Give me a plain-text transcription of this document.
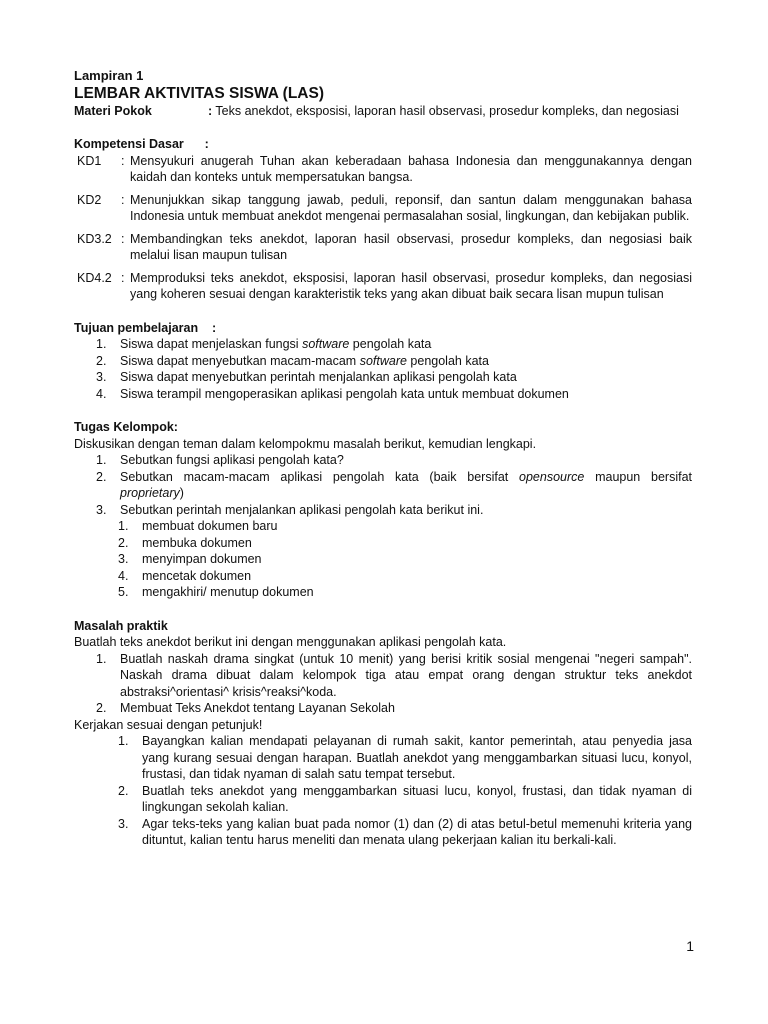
Lampiran 1

LEMBAR AKTIVITAS SISWA (LAS)

Materi Pokok	: Teks anekdot, eksposisi, laporan hasil observasi, prosedur kompleks, dan negosiasi
Kompetensi Dasar      :
KD1	: Mensyukuri anugerah Tuhan akan keberadaan bahasa Indonesia dan menggunakannya dengan kaidah dan konteks untuk mempersatukan bangsa.
KD2	: Menunjukkan sikap tanggung jawab, peduli, reponsif, dan santun dalam menggunakan bahasa Indonesia untuk membuat anekdot mengenai permasalahan sosial, lingkungan, dan kebijakan publik.
KD3.2 : Membandingkan teks anekdot, laporan hasil observasi, prosedur kompleks, dan negosiasi baik melalui lisan maupun tulisan
KD4.2 : Memproduksi teks anekdot, eksposisi, laporan hasil observasi, prosedur kompleks, dan negosiasi yang koheren sesuai dengan karakteristik teks yang akan dibuat baik secara lisan mupun tulisan
Tujuan pembelajaran    :
1.	Siswa dapat menjelaskan fungsi software pengolah kata
2.	Siswa dapat menyebutkan macam-macam software pengolah kata
3.	Siswa dapat menyebutkan perintah menjalankan aplikasi pengolah kata
4.	Siswa terampil mengoperasikan aplikasi pengolah kata untuk membuat dokumen
Tugas Kelompok:

Diskusikan dengan teman dalam kelompokmu masalah berikut, kemudian lengkapi.

1.	Sebutkan fungsi aplikasi pengolah kata?
2.	Sebutkan macam-macam aplikasi pengolah kata (baik bersifat opensource maupun bersifat proprietary)
3.	Sebutkan perintah menjalankan aplikasi pengolah kata berikut ini.
1.	membuat dokumen baru
2.	membuka dokumen
3.	menyimpan dokumen
4.	mencetak dokumen
5.	mengakhiri/ menutup dokumen
Masalah praktik

Buatlah teks anekdot berikut ini dengan menggunakan aplikasi pengolah kata.

1.	Buatlah naskah drama singkat (untuk 10 menit) yang berisi kritik sosial mengenai "negeri sampah". Naskah drama dibuat dalam kelompok tiga atau empat orang dengan struktur teks anekdot abstraksi^orientasi^ krisis^reaksi^koda.
2.	Membuat Teks Anekdot tentang Layanan Sekolah

Kerjakan sesuai dengan petunjuk!

1.	Bayangkan kalian mendapati pelayanan di rumah sakit, kantor pemerintah, atau penyedia jasa yang kurang sesuai dengan harapan. Buatlah anekdot yang menggambarkan situasi lucu, konyol, frustasi, dan tidak nyaman di salah satu tempat tersebut.
2.	Buatlah teks anekdot yang menggambarkan situasi lucu, konyol, frustasi, dan tidak nyaman di lingkungan sekolah kalian.
3.	Agar teks-teks yang kalian buat pada nomor (1) dan (2) di atas betul-betul memenuhi kriteria yang dituntut, kalian tentu harus meneliti dan menata ulang pekerjaan kalian itu berkali-kali.
1
